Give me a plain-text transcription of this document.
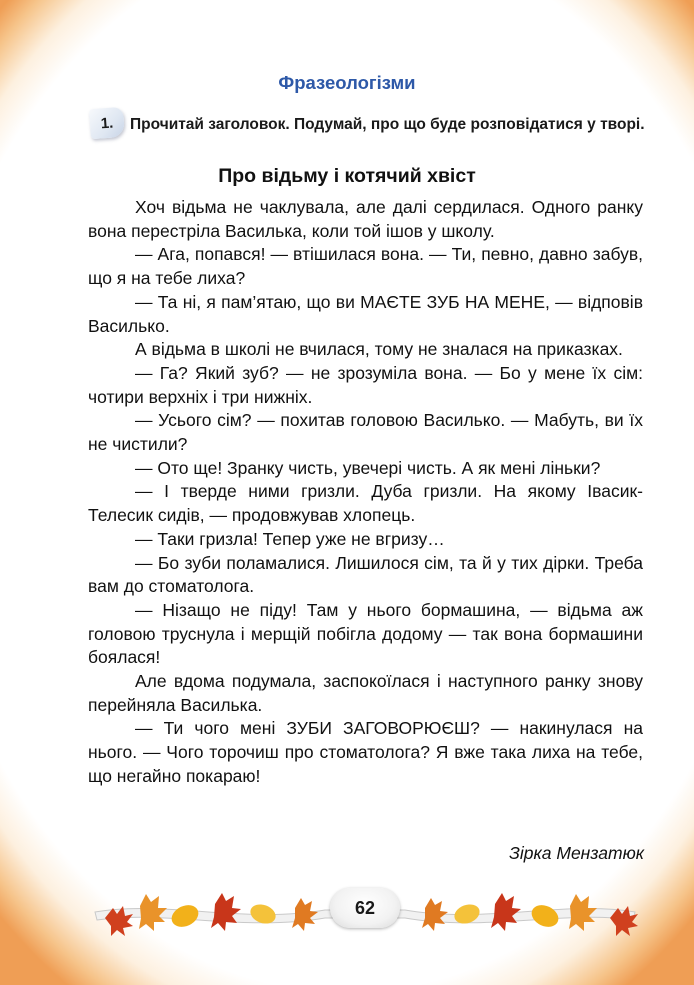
Фразеологізми
1.	Прочитай заголовок. Подумай, про що буде розповідатися у творі.
Про відьму і котячий хвіст

Хоч відьма не чаклувала, але далі сердилася. Одного ранку вона перестріла Василька, коли той ішов у школу.

— Ага, попався! — втішилася вона. — Ти, певно, давно забув, що я на тебе лиха?

— Та ні, я пам’ятаю, що ви МАЄТЕ ЗУБ НА МЕНЕ, — відповів Василько.

А відьма в школі не вчилася, тому не зналася на приказках.

— Га? Який зуб? — не зрозуміла вона. — Бо у мене їх сім: чотири верхніх і три нижніх.

— Усього сім? — похитав головою Василько. — Мабуть, ви їх не чистили?

— Ото ще! Зранку чисть, увечері чисть. А як мені ліньки?

— І тверде ними гризли. Дуба гризли. На якому Івасик-Телесик сидів, — продовжував хлопець.

— Таки гризла! Тепер уже не вгризу…

— Бо зуби поламалися. Лишилося сім, та й у тих дірки. Треба вам до стоматолога.

— Нізащо не піду! Там у нього бормашина, — відьма аж головою труснула і мерщій побігла додому — так вона бормашини боялася!

Але вдома подумала, заспокоїлася і наступного ранку знову перейняла Василька.

— Ти чого мені ЗУБИ ЗАГОВОРЮЄШ? — накинулася на нього. — Чого торочиш про стоматолога? Я вже така лиха на тебе, що негайно покараю!

Зірка Мензатюк
62
